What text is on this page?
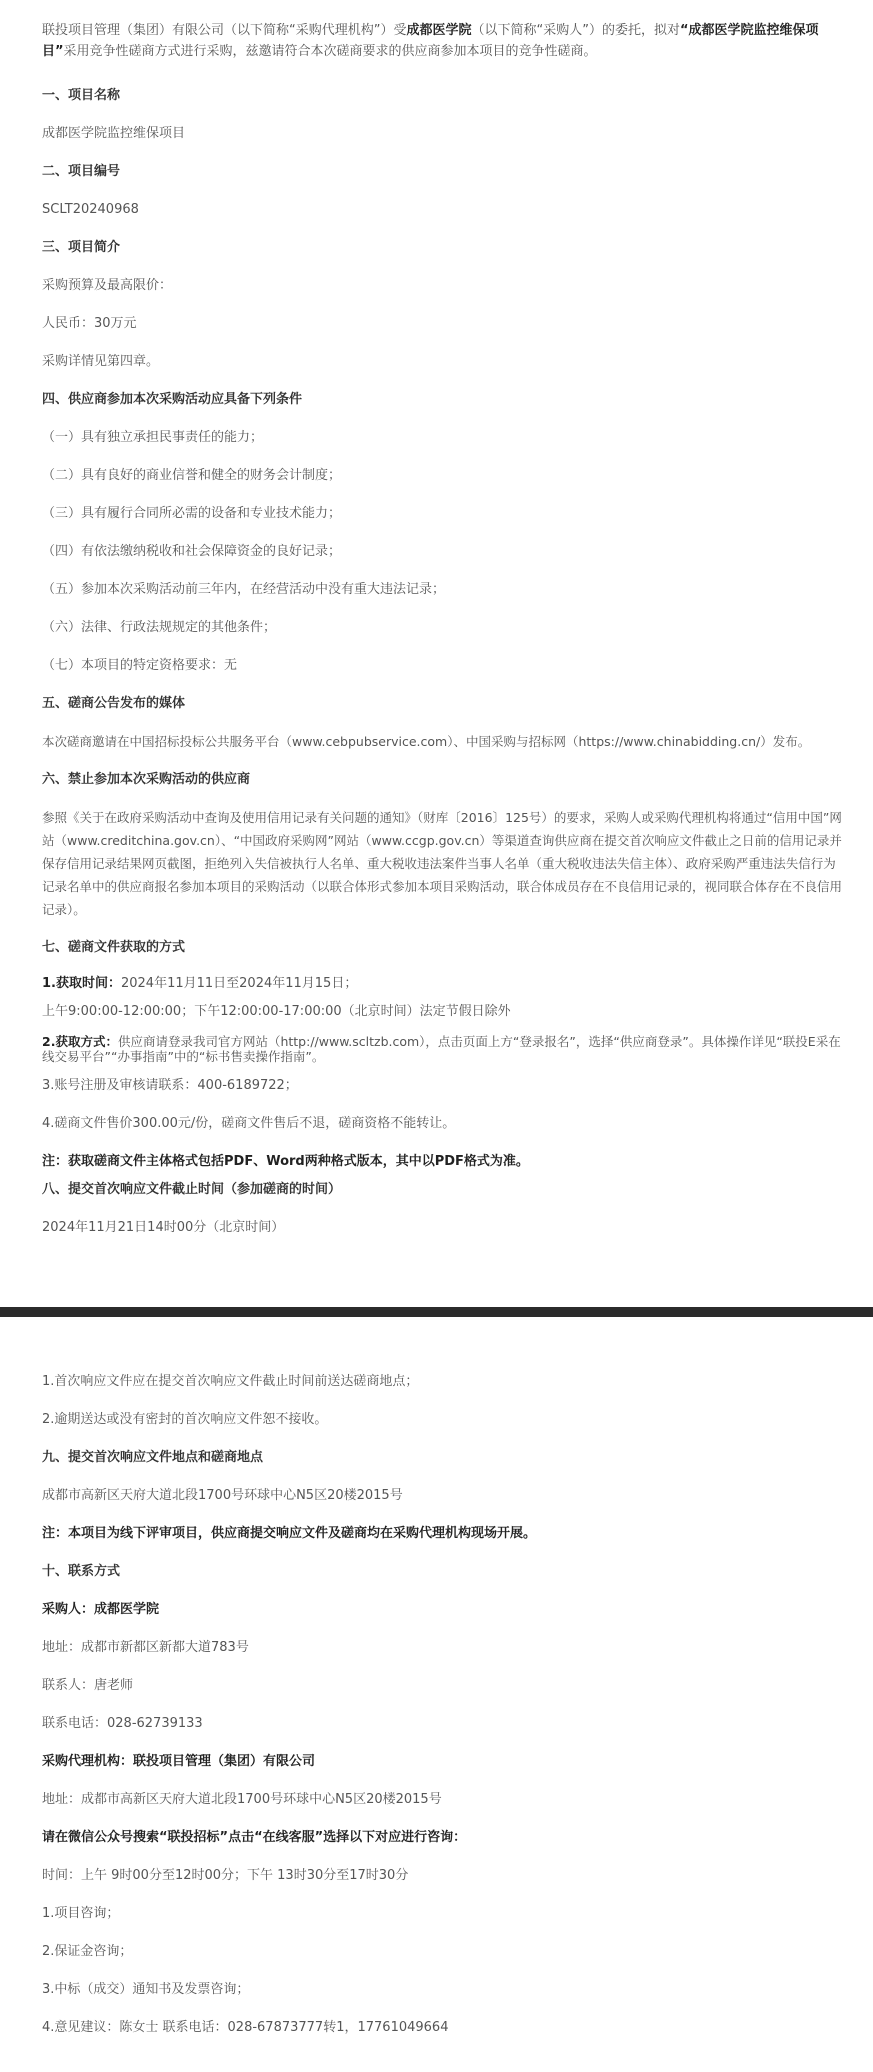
联投项目管理（集团）有限公司（以下简称“采购代理机构”）受成都医学院（以下简称“采购人”）的委托，拟对“成都医学院监控维保项目”采用竞争性磋商方式进行采购，兹邀请符合本次磋商要求的供应商参加本项目的竞争性磋商。
一、项目名称
成都医学院监控维保项目
二、项目编号
SCLT20240968
三、项目简介
采购预算及最高限价：
人民币：30万元
采购详情见第四章。
四、供应商参加本次采购活动应具备下列条件
（一）具有独立承担民事责任的能力；
（二）具有良好的商业信誉和健全的财务会计制度；
（三）具有履行合同所必需的设备和专业技术能力；
（四）有依法缴纳税收和社会保障资金的良好记录；
（五）参加本次采购活动前三年内，在经营活动中没有重大违法记录；
（六）法律、行政法规规定的其他条件；
（七）本项目的特定资格要求：无
五、磋商公告发布的媒体
本次磋商邀请在中国招标投标公共服务平台（www.cebpubservice.com）、中国采购与招标网（https://www.chinabidding.cn/）发布。
六、禁止参加本次采购活动的供应商
参照《关于在政府采购活动中查询及使用信用记录有关问题的通知》（财库〔2016〕125号）的要求，采购人或采购代理机构将通过“信用中国”网站（www.creditchina.gov.cn）、“中国政府采购网”网站（www.ccgp.gov.cn）等渠道查询供应商在提交首次响应文件截止之日前的信用记录并保存信用记录结果网页截图，拒绝列入失信被执行人名单、重大税收违法案件当事人名单（重大税收违法失信主体）、政府采购严重违法失信行为记录名单中的供应商报名参加本项目的采购活动（以联合体形式参加本项目采购活动，联合体成员存在不良信用记录的，视同联合体存在不良信用记录）。
七、磋商文件获取的方式
1.获取时间：2024年11月11日至2024年11月15日；
上午9:00:00-12:00:00；下午12:00:00-17:00:00（北京时间）法定节假日除外
2.获取方式：供应商请登录我司官方网站（http://www.scltzb.com），点击页面上方“登录报名”，选择“供应商登录”。具体操作详见“联投E采在线交易平台”“办事指南”中的“标书售卖操作指南”。
3.账号注册及审核请联系：400-6189722；
4.磋商文件售价300.00元/份，磋商文件售后不退，磋商资格不能转让。
注：获取磋商文件主体格式包括PDF、Word两种格式版本，其中以PDF格式为准。
八、提交首次响应文件截止时间（参加磋商的时间）
2024年11月21日14时00分（北京时间）
1.首次响应文件应在提交首次响应文件截止时间前送达磋商地点；
2.逾期送达或没有密封的首次响应文件恕不接收。
九、提交首次响应文件地点和磋商地点
成都市高新区天府大道北段1700号环球中心N5区20楼2015号
注：本项目为线下评审项目，供应商提交响应文件及磋商均在采购代理机构现场开展。
十、联系方式
采购人：成都医学院
地址：成都市新都区新都大道783号
联系人：唐老师
联系电话：028-62739133
采购代理机构：联投项目管理（集团）有限公司
地址：成都市高新区天府大道北段1700号环球中心N5区20楼2015号
请在微信公众号搜索“联投招标”点击“在线客服”选择以下对应进行咨询：
时间：上午 9时00分至12时00分；下午 13时30分至17时30分
1.项目咨询；
2.保证金咨询；
3.中标（成交）通知书及发票咨询；
4.意见建议：陈女士 联系电话：028-67873777转1，17761049664
